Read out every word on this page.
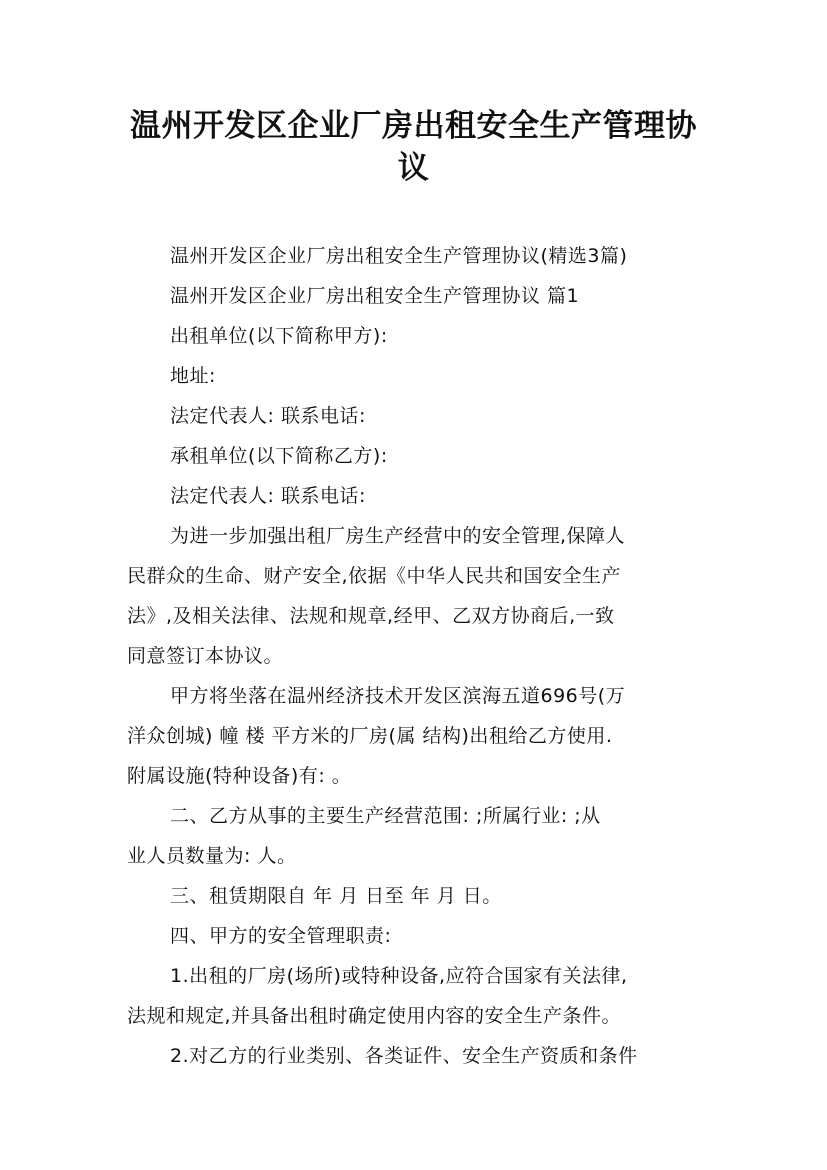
温州开发区企业厂房出租安全生产管理协
议
温州开发区企业厂房出租安全生产管理协议(精选3篇)
温州开发区企业厂房出租安全生产管理协议 篇1
出租单位(以下简称甲方):
地址:
法定代表人: 联系电话:
承租单位(以下简称乙方):
法定代表人: 联系电话:
为进一步加强出租厂房生产经营中的安全管理,保障人
民群众的生命、财产安全,依据《中华人民共和国安全生产
法》,及相关法律、法规和规章,经甲、乙双方协商后,一致
同意签订本协议。
甲方将坐落在温州经济技术开发区滨海五道696号(万
洋众创城) 幢 楼 平方米的厂房(属 结构)出租给乙方使用.
附属设施(特种设备)有: 。
二、乙方从事的主要生产经营范围: ;所属行业: ;从
业人员数量为: 人。
三、租赁期限自 年 月 日至 年 月 日。
四、甲方的安全管理职责:
1.出租的厂房(场所)或特种设备,应符合国家有关法律,
法规和规定,并具备出租时确定使用内容的安全生产条件。
2.对乙方的行业类别、各类证件、安全生产资质和条件
